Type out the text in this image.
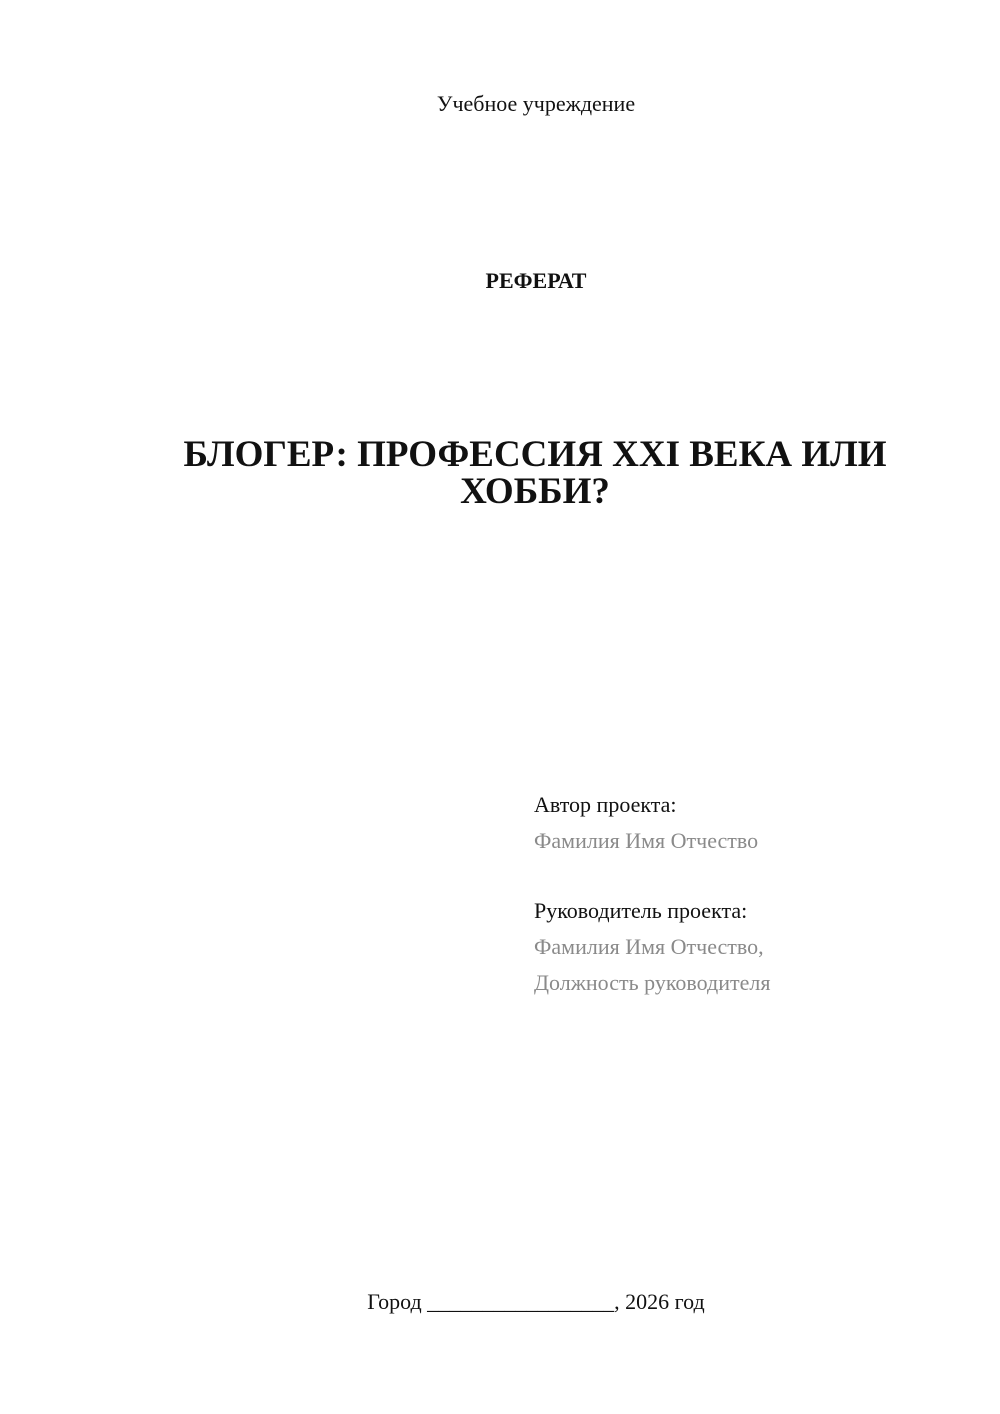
Учебное учреждение
РЕФЕРАТ
БЛОГЕР: ПРОФЕССИЯ XXI ВЕКА ИЛИ
ХОББИ?
Автор проекта:
Фамилия Имя Отчество
Руководитель проекта:
Фамилия Имя Отчество,
Должность руководителя
Город _________________, 2026 год
